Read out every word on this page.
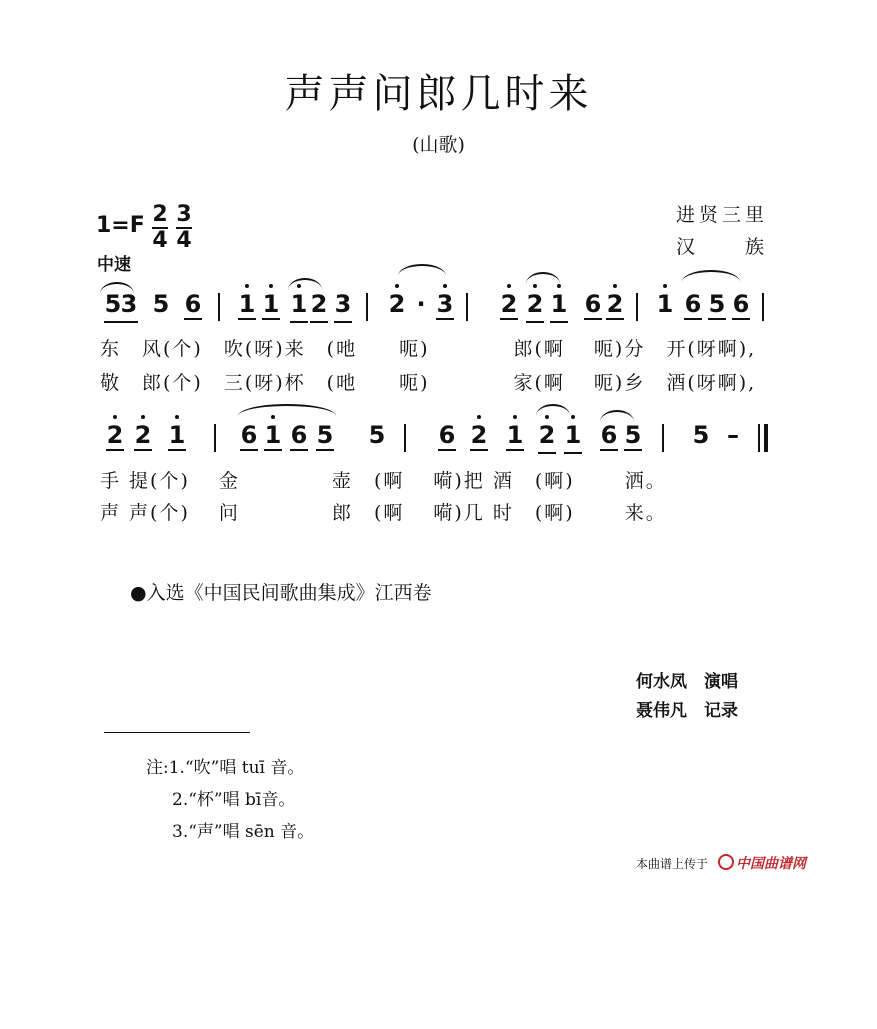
声声问郎几时来
(山歌)
1=F 2
4
3
4
中速
进贤三里
汉族
5 3 5 6 1 1 1 2 3 2 · 3 2 2 1 6 2 1 6 5 6
东　风(个)　吹(呀)来　(吔　　呃)　　　　郎(啊　 呃)分　开(呀啊),
敬　郎(个)　三(呀)杯　(吔　　呃)　　　　家(啊　 呃)乡　酒(呀啊),
2 2 1 6 1 6 5 5 6 2 1 2 1 6 5 5 –
手 提(个)　 金　　　　 壶　(啊　 嗬)把 酒　(啊)　　 洒。
声 声(个)　 问　　　　 郎　(啊　 嗬)几 时　(啊)　　 来。
●入选《中国民间歌曲集成》江西卷
何水凤　演唱
聂伟凡　记录
注:1.“吹”唱 tuī 音。
2.“杯”唱 bī音。
3.“声”唱 sēn 音。
本曲谱上传于	中国曲谱网
